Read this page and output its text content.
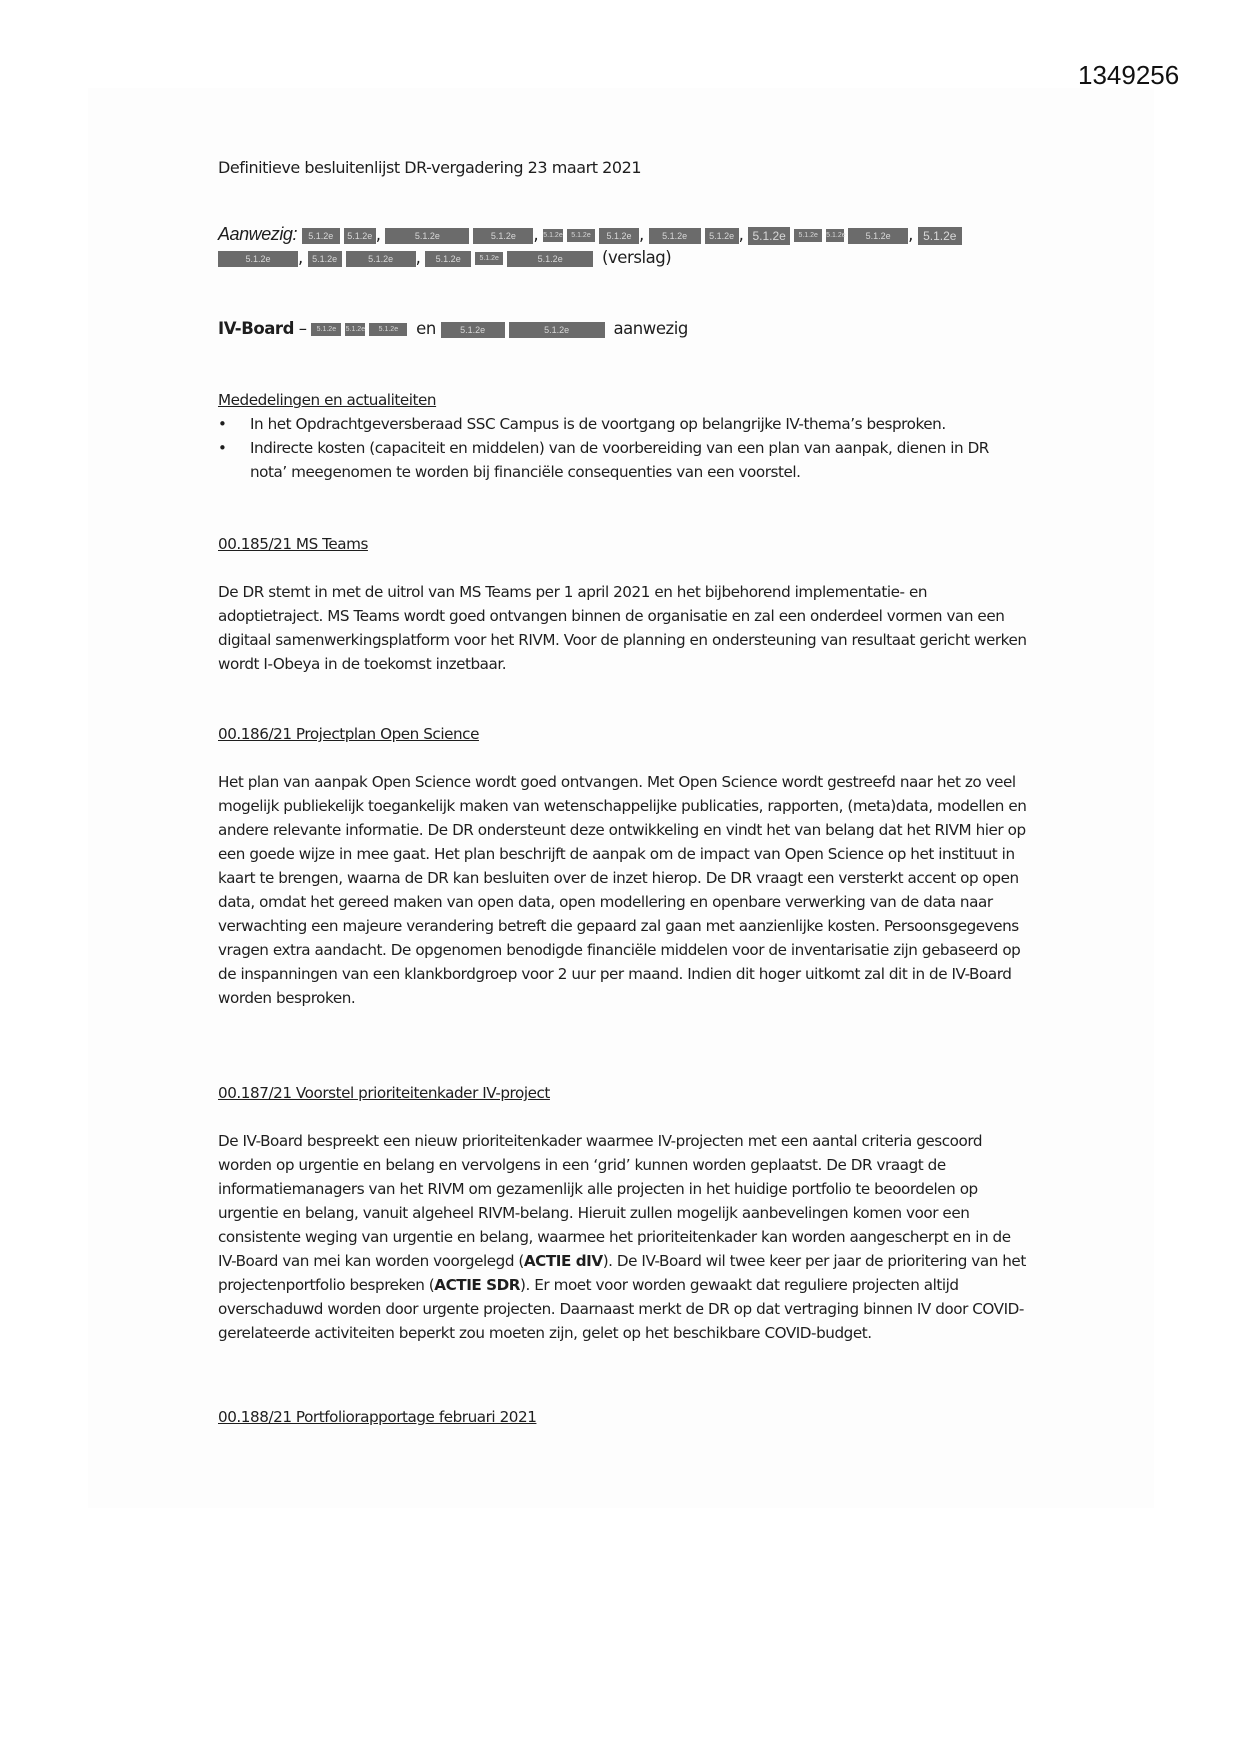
1349256
Definitieve besluitenlijst DR-vergadering 23 maart 2021
Aanwezig: 5.1.2e 5.1.2e ,	5.1.2e	5.1.2e , 5.1.2e 5.1.2e 5.1.2e , 5.1.2e 5.1.2e , 5.1.2e 5.1.2e 5.1.2e 5.1.2e , 5.1.2e
5.1.2e , 5.1.2e	5.1.2e , 5.1.2e	5.1.2e	5.1.2e (verslag)
IV-Board – 5.1.2e 5.1.2e 5.1.2e en	5.1.2e	5.1.2e	aanwezig
Mededelingen en actualiteiten
• In het Opdrachtgeversberaad SSC Campus is de voortgang op belangrijke IV-thema’s besproken.
• Indirecte kosten (capaciteit en middelen) van de voorbereiding van een plan van aanpak, dienen in DR nota’ meegenomen te worden bij financiële consequenties van een voorstel.
00.185/21 MS Teams

De DR stemt in met de uitrol van MS Teams per 1 april 2021 en het bijbehorend implementatie- en adoptietraject. MS Teams wordt goed ontvangen binnen de organisatie en zal een onderdeel vormen van een digitaal samenwerkingsplatform voor het RIVM. Voor de planning en ondersteuning van resultaat gericht werken wordt I-Obeya in de toekomst inzetbaar.

00.186/21 Projectplan Open Science

Het plan van aanpak Open Science wordt goed ontvangen. Met Open Science wordt gestreefd naar het zo veel mogelijk publiekelijk toegankelijk maken van wetenschappelijke publicaties, rapporten, (meta)data, modellen en andere relevante informatie. De DR ondersteunt deze ontwikkeling en vindt het van belang dat het RIVM hier op een goede wijze in mee gaat. Het plan beschrijft de aanpak om de impact van Open Science op het instituut in kaart te brengen, waarna de DR kan besluiten over de inzet hierop. De DR vraagt een versterkt accent op open data, omdat het gereed maken van open data, open modellering en openbare verwerking van de data naar verwachting een majeure verandering betreft die gepaard zal gaan met aanzienlijke kosten. Persoonsgegevens vragen extra aandacht. De opgenomen benodigde financiële middelen voor de inventarisatie zijn gebaseerd op de inspanningen van een klankbordgroep voor 2 uur per maand. Indien dit hoger uitkomt zal dit in de IV-Board worden besproken.

00.187/21 Voorstel prioriteitenkader IV-project

De IV-Board bespreekt een nieuw prioriteitenkader waarmee IV-projecten met een aantal criteria gescoord worden op urgentie en belang en vervolgens in een ‘grid’ kunnen worden geplaatst. De DR vraagt de informatiemanagers van het RIVM om gezamenlijk alle projecten in het huidige portfolio te beoordelen op urgentie en belang, vanuit algeheel RIVM-belang. Hieruit zullen mogelijk aanbevelingen komen voor een consistente weging van urgentie en belang, waarmee het prioriteitenkader kan worden aangescherpt en in de IV-Board van mei kan worden voorgelegd (ACTIE dIV). De IV-Board wil twee keer per jaar de prioritering van het projectenportfolio bespreken (ACTIE SDR). Er moet voor worden gewaakt dat reguliere projecten altijd overschaduwd worden door urgente projecten. Daarnaast merkt de DR op dat vertraging binnen IV door COVID-gerelateerde activiteiten beperkt zou moeten zijn, gelet op het beschikbare COVID-budget.

00.188/21 Portfoliorapportage februari 2021
